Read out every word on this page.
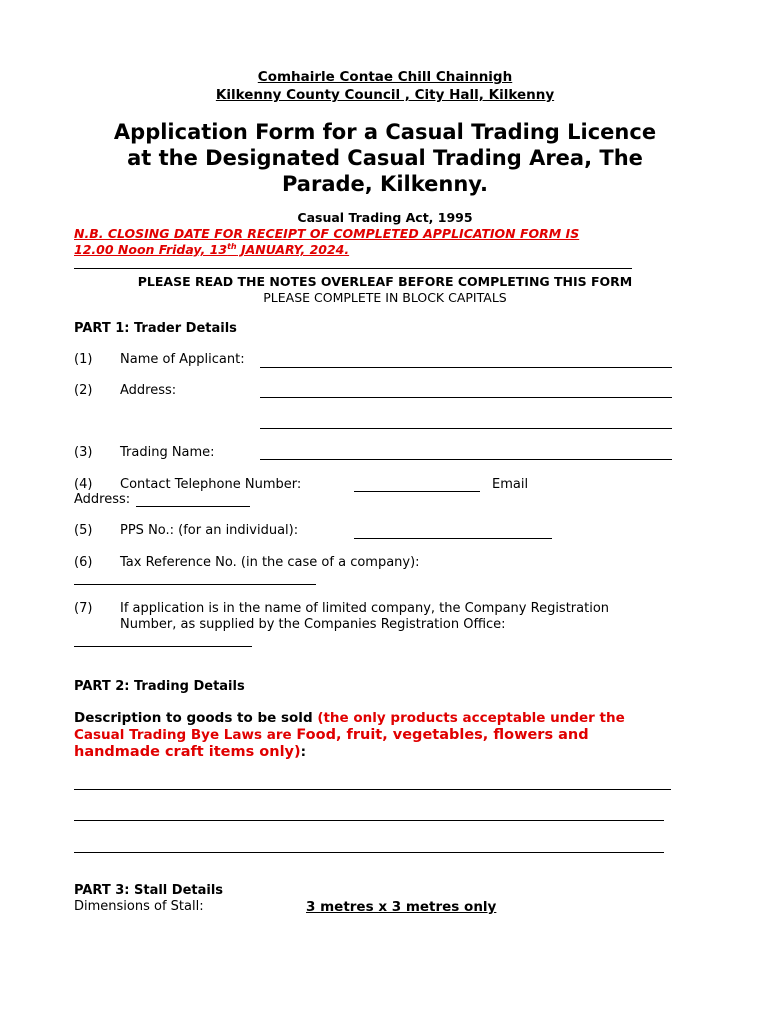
Comhairle Contae Chill Chainnigh
Kilkenny County Council , City Hall, Kilkenny
Application Form for a Casual Trading Licence
at the Designated Casual Trading Area, The
Parade, Kilkenny.
Casual Trading Act, 1995
N.B. CLOSING DATE FOR RECEIPT OF COMPLETED APPLICATION FORM IS
12.00 Noon Friday, 13th JANUARY, 2024.
PLEASE READ THE NOTES OVERLEAF BEFORE COMPLETING THIS FORM
PLEASE COMPLETE IN BLOCK CAPITALS
PART 1: Trader Details
(1) Name of Applicant:
(2) Address:
(3) Trading Name:
(4) Contact Telephone Number:	Email
Address:
(5) PPS No.: (for an individual):
(6) Tax Reference No. (in the case of a company):
(7) If application is in the name of limited company, the Company Registration
Number, as supplied by the Companies Registration Office:
PART 2: Trading Details
Description to goods to be sold (the only products acceptable under the
Casual Trading Bye Laws are Food, fruit, vegetables, flowers and
handmade craft items only):
PART 3: Stall Details
Dimensions of Stall:	3 metres x 3 metres only
